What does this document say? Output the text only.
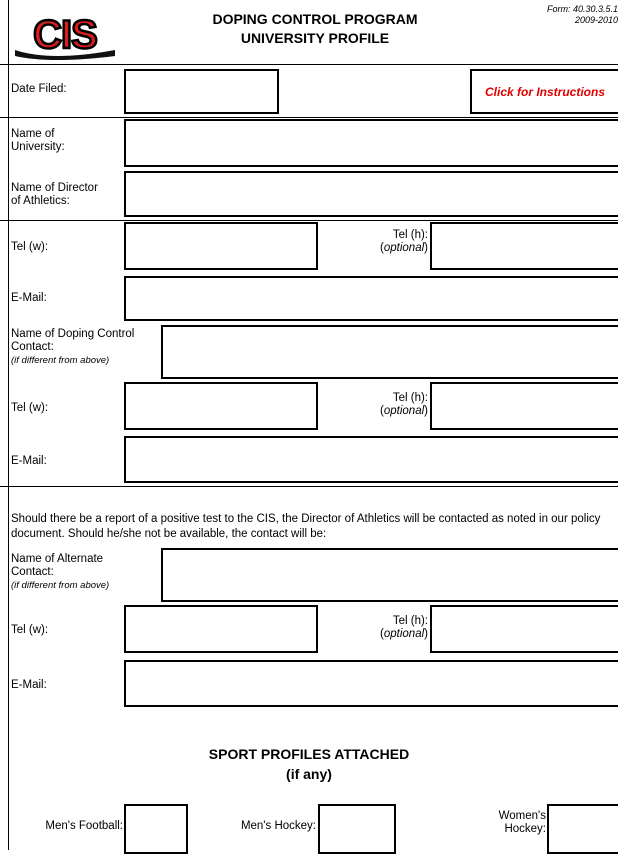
CIS	DOPING CONTROL PROGRAM
UNIVERSITY PROFILE
Form: 40.30.3.5.1
2009-2010
Date Filed:	Click for Instructions
Name of
University:
Name of Director
of Athletics:
Tel (w):
Tel (h):
(optional)
E-Mail:
Name of Doping Control
Contact:
(if different from above)
Tel (w):
Tel (h):
(optional)
E-Mail:
Should there be a report of a positive test to the CIS, the Director of Athletics will be contacted as noted in our policy document. Should he/she not be available, the contact will be:
Name of Alternate
Contact:
(if different from above)
Tel (w):
Tel (h):
(optional)
E-Mail:
SPORT PROFILES ATTACHED
(if any)
Men's Football:	Men's Hockey:
Women's
Hockey:
